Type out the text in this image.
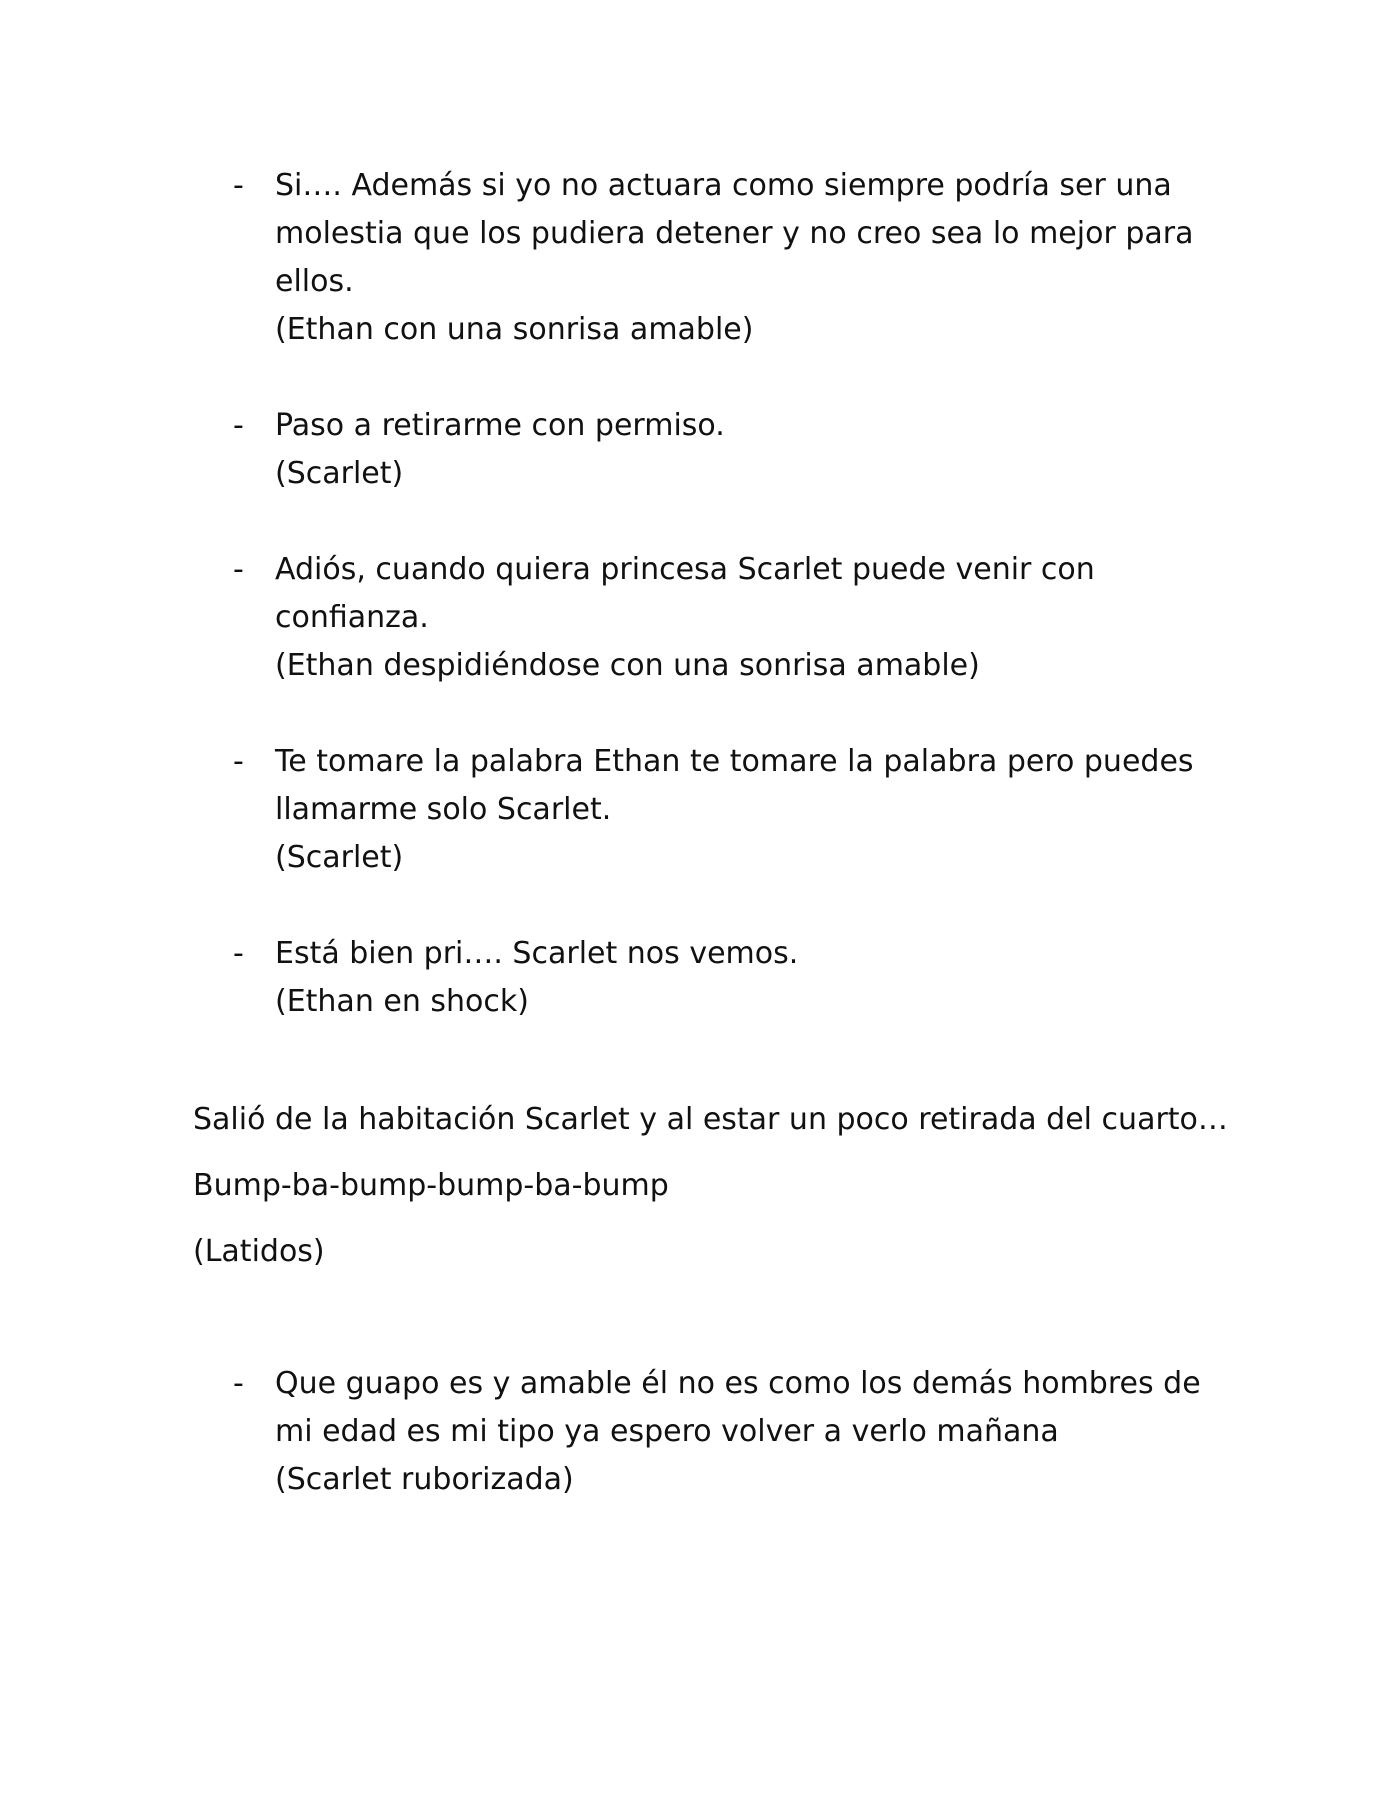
- Si…. Además si yo no actuara como siempre podría ser una
molestia que los pudiera detener y no creo sea lo mejor para
ellos.
(Ethan con una sonrisa amable)
- Paso a retirarme con permiso.
(Scarlet)
- Adiós, cuando quiera princesa Scarlet puede venir con
confianza.
(Ethan despidiéndose con una sonrisa amable)
- Te tomare la palabra Ethan te tomare la palabra pero puedes
llamarme solo Scarlet.
(Scarlet)
- Está bien pri…. Scarlet nos vemos.
(Ethan en shock)
Salió de la habitación Scarlet y al estar un poco retirada del cuarto…
Bump-ba-bump-bump-ba-bump
(Latidos)
- Que guapo es y amable él no es como los demás hombres de
mi edad es mi tipo ya espero volver a verlo mañana
(Scarlet ruborizada)
